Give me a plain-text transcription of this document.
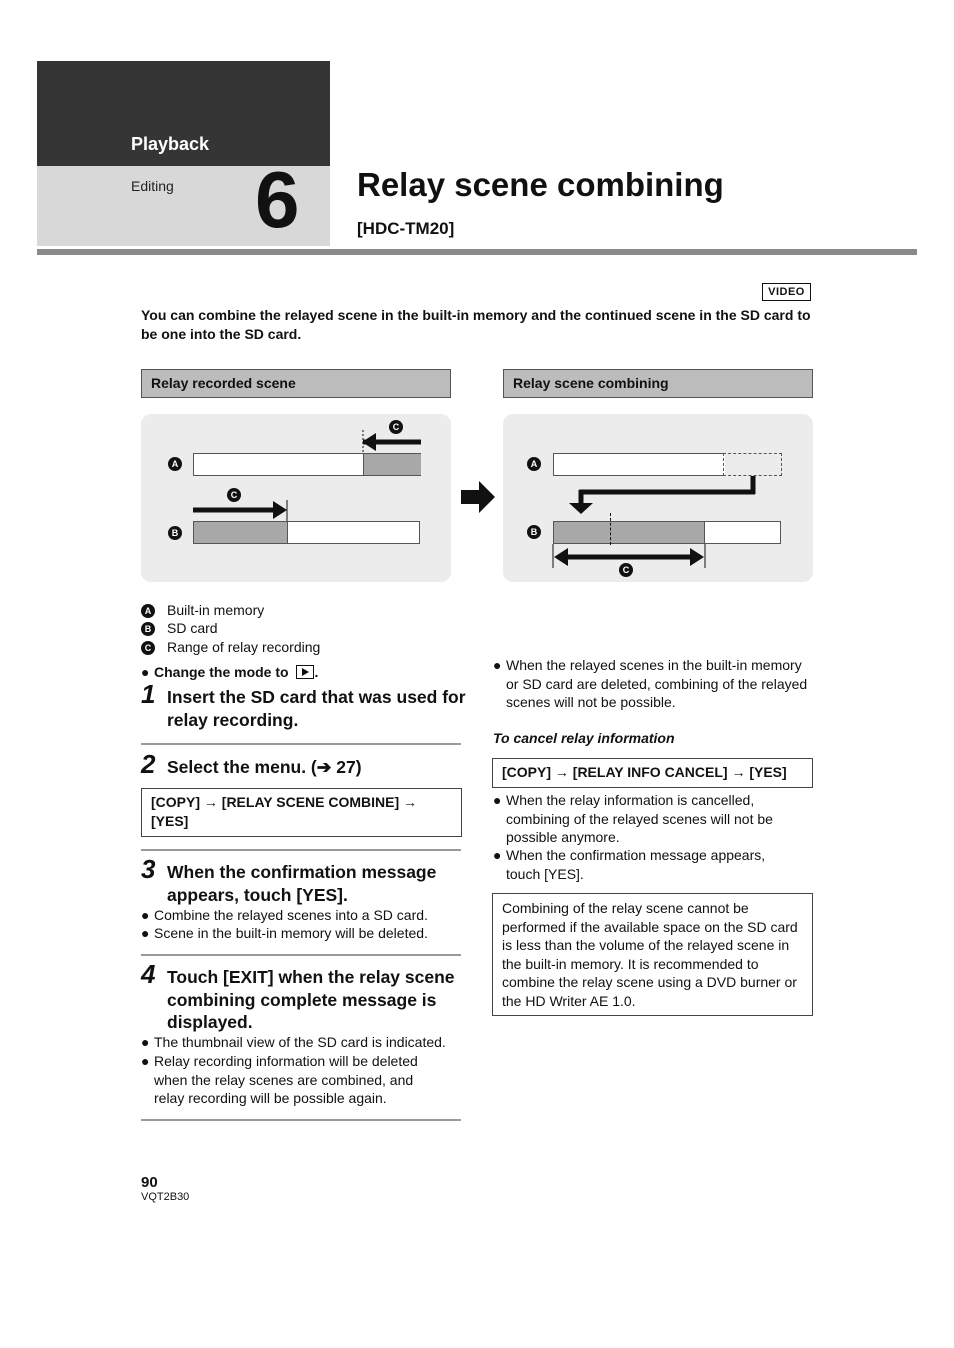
Playback
Editing 6 Relay scene combining
[HDC-TM20]
VIDEO
You can combine the relayed scene in the built-in memory and the continued scene in the SD card to be one into the SD card.
Relay recorded scene	Relay scene combining
A
C
C
B
A
B
C
A Built-in memory
B SD card
C Range of relay recording
● Change the mode to .
1 Insert the SD card that was used for relay recording.
2 Select the menu. (➔ 27)
[COPY] → [RELAY SCENE COMBINE] → [YES]
3 When the confirmation message appears, touch [YES].
● Combine the relayed scenes into a SD card.
● Scene in the built-in memory will be deleted.
4 Touch [EXIT] when the relay scene combining complete message is displayed.
● The thumbnail view of the SD card is indicated.
● Relay recording information will be deleted when the relay scenes are combined, and relay recording will be possible again.
● When the relayed scenes in the built-in memory or SD card are deleted, combining of the relayed scenes will not be possible.
To cancel relay information
[COPY] → [RELAY INFO CANCEL] → [YES]
● When the relay information is cancelled, combining of the relayed scenes will not be possible anymore.
● When the confirmation message appears, touch [YES].
Combining of the relay scene cannot be performed if the available space on the SD card is less than the volume of the relayed scene in the built-in memory. It is recommended to combine the relay scene using a DVD burner or the HD Writer AE 1.0.
90
VQT2B30
